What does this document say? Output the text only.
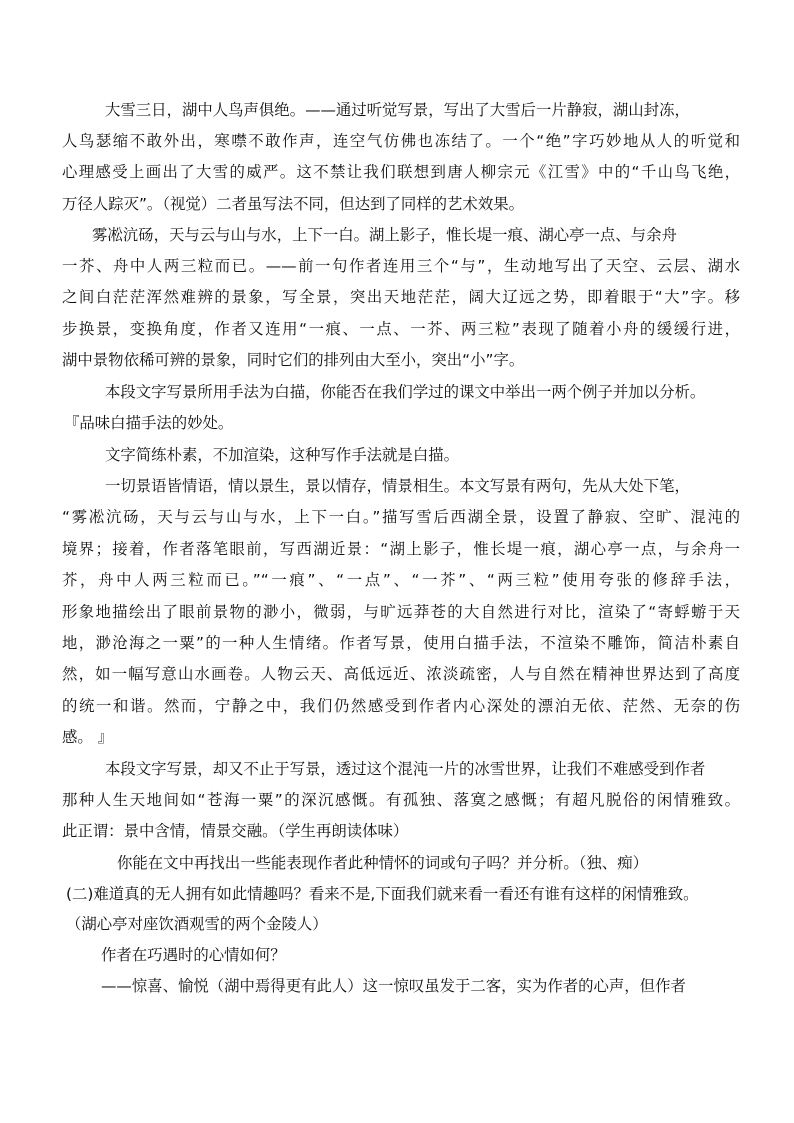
大雪三日，湖中人鸟声俱绝。——通过听觉写景，写出了大雪后一片静寂，湖山封冻，
人鸟瑟缩不敢外出，寒噤不敢作声，连空气仿佛也冻结了。一个“绝”字巧妙地从人的听觉和
心理感受上画出了大雪的威严。这不禁让我们联想到唐人柳宗元《江雪》中的“千山鸟飞绝，
万径人踪灭”。（视觉）二者虽写法不同，但达到了同样的艺术效果。
雾凇沆砀，天与云与山与水，上下一白。湖上影子，惟长堤一痕、湖心亭一点、与余舟
一芥、舟中人两三粒而已。——前一句作者连用三个“与”，生动地写出了天空、云层、湖水
之间白茫茫浑然难辨的景象，写全景，突出天地茫茫，阔大辽远之势，即着眼于“大”字。移
步换景，变换角度，作者又连用“一痕、一点、一芥、两三粒”表现了随着小舟的缓缓行进，
湖中景物依稀可辨的景象，同时它们的排列由大至小，突出“小”字。
本段文字写景所用手法为白描，你能否在我们学过的课文中举出一两个例子并加以分析。
『品味白描手法的妙处。
文字简练朴素，不加渲染，这种写作手法就是白描。
一切景语皆情语，情以景生，景以情存，情景相生。本文写景有两句，先从大处下笔，
“雾凇沆砀，天与云与山与水，上下一白。”描写雪后西湖全景，设置了静寂、空旷、混沌的
境界；接着，作者落笔眼前，写西湖近景：“湖上影子，惟长堤一痕，湖心亭一点，与余舟一
芥，舟中人两三粒而已。”“一痕”、“一点”、“一芥”、“两三粒”使用夸张的修辞手法，
形象地描绘出了眼前景物的渺小，微弱，与旷远莽苍的大自然进行对比，渲染了“寄蜉蝣于天
地，渺沧海之一粟”的一种人生情绪。作者写景，使用白描手法，不渲染不雕饰，简洁朴素自
然，如一幅写意山水画卷。人物云天、高低远近、浓淡疏密，人与自然在精神世界达到了高度
的统一和谐。然而，宁静之中，我们仍然感受到作者内心深处的漂泊无依、茫然、无奈的伤
感。 』
本段文字写景，却又不止于写景，透过这个混沌一片的冰雪世界，让我们不难感受到作者
那种人生天地间如“苍海一粟”的深沉感慨。有孤独、落寞之感慨；有超凡脱俗的闲情雅致。
此正谓：景中含情，情景交融。（学生再朗读体味）
你能在文中再找出一些能表现作者此种情怀的词或句子吗？并分析。（独、痴）
(二)难道真的无人拥有如此情趣吗？看来不是,下面我们就来看一看还有谁有这样的闲情雅致。
（湖心亭对座饮酒观雪的两个金陵人）
作者在巧遇时的心情如何？
——惊喜、愉悦（湖中焉得更有此人）这一惊叹虽发于二客，实为作者的心声，但作者
